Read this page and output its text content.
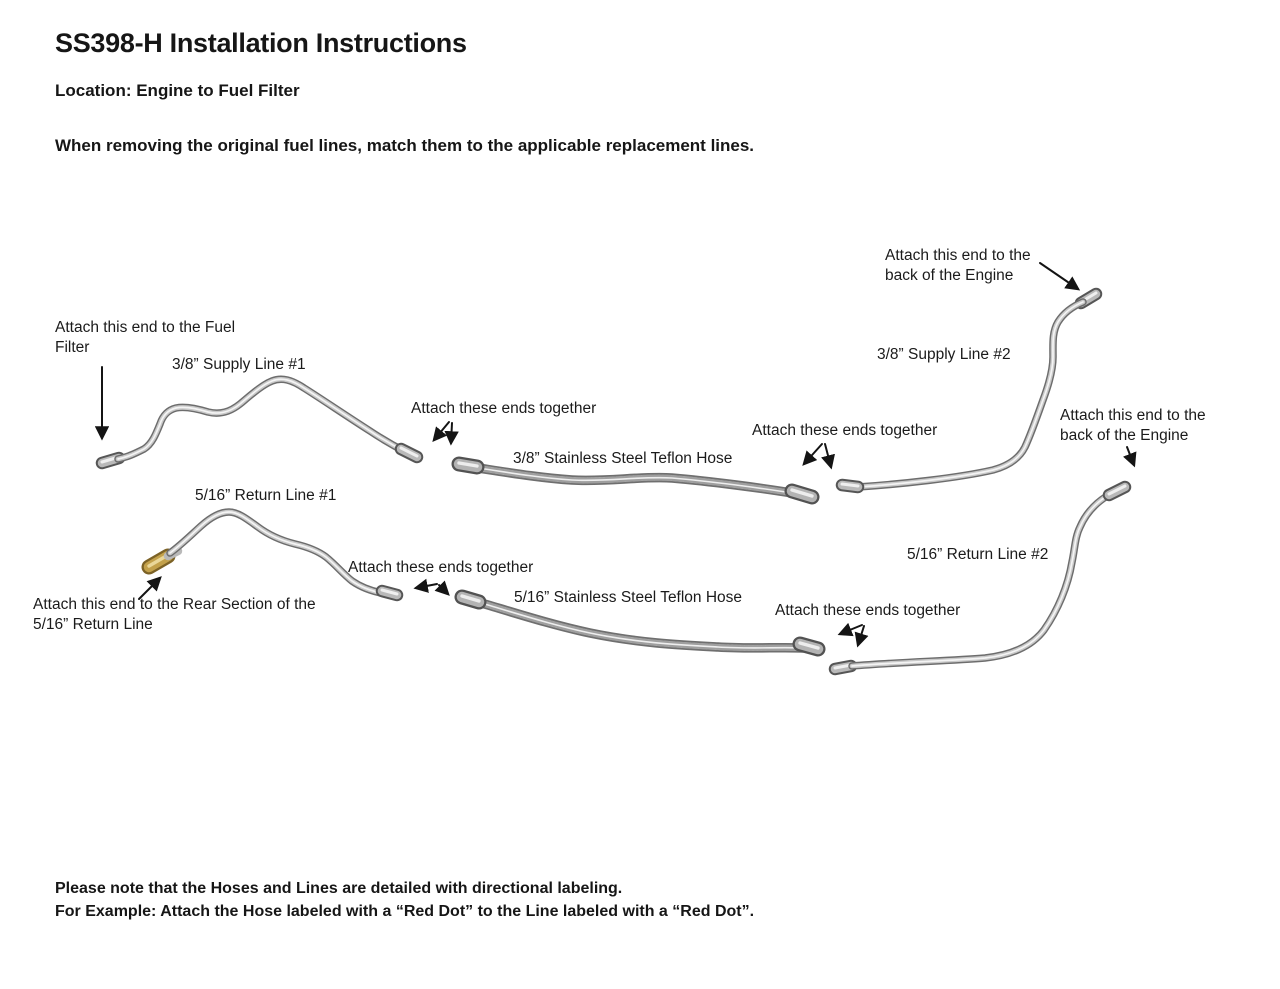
SS398-H Installation Instructions
Location: Engine to Fuel Filter
When removing the original fuel lines, match them to the applicable replacement lines.
Attach this end to the back of the Engine
3/8” Supply Line #2
Attach this end to the Fuel Filter
3/8” Supply Line #1
Attach these ends together
3/8” Stainless Steel Teflon Hose
Attach these ends together
Attach this end to the back of the Engine
5/16” Return Line #1
Attach these ends together
Attach this end to the Rear Section of the 5/16” Return Line
5/16” Stainless Steel Teflon Hose
Attach these ends together
5/16” Return Line #2
Please note that the Hoses and Lines are detailed with directional labeling.
For Example: Attach the Hose labeled with a “Red Dot” to the Line labeled with a “Red Dot”.
